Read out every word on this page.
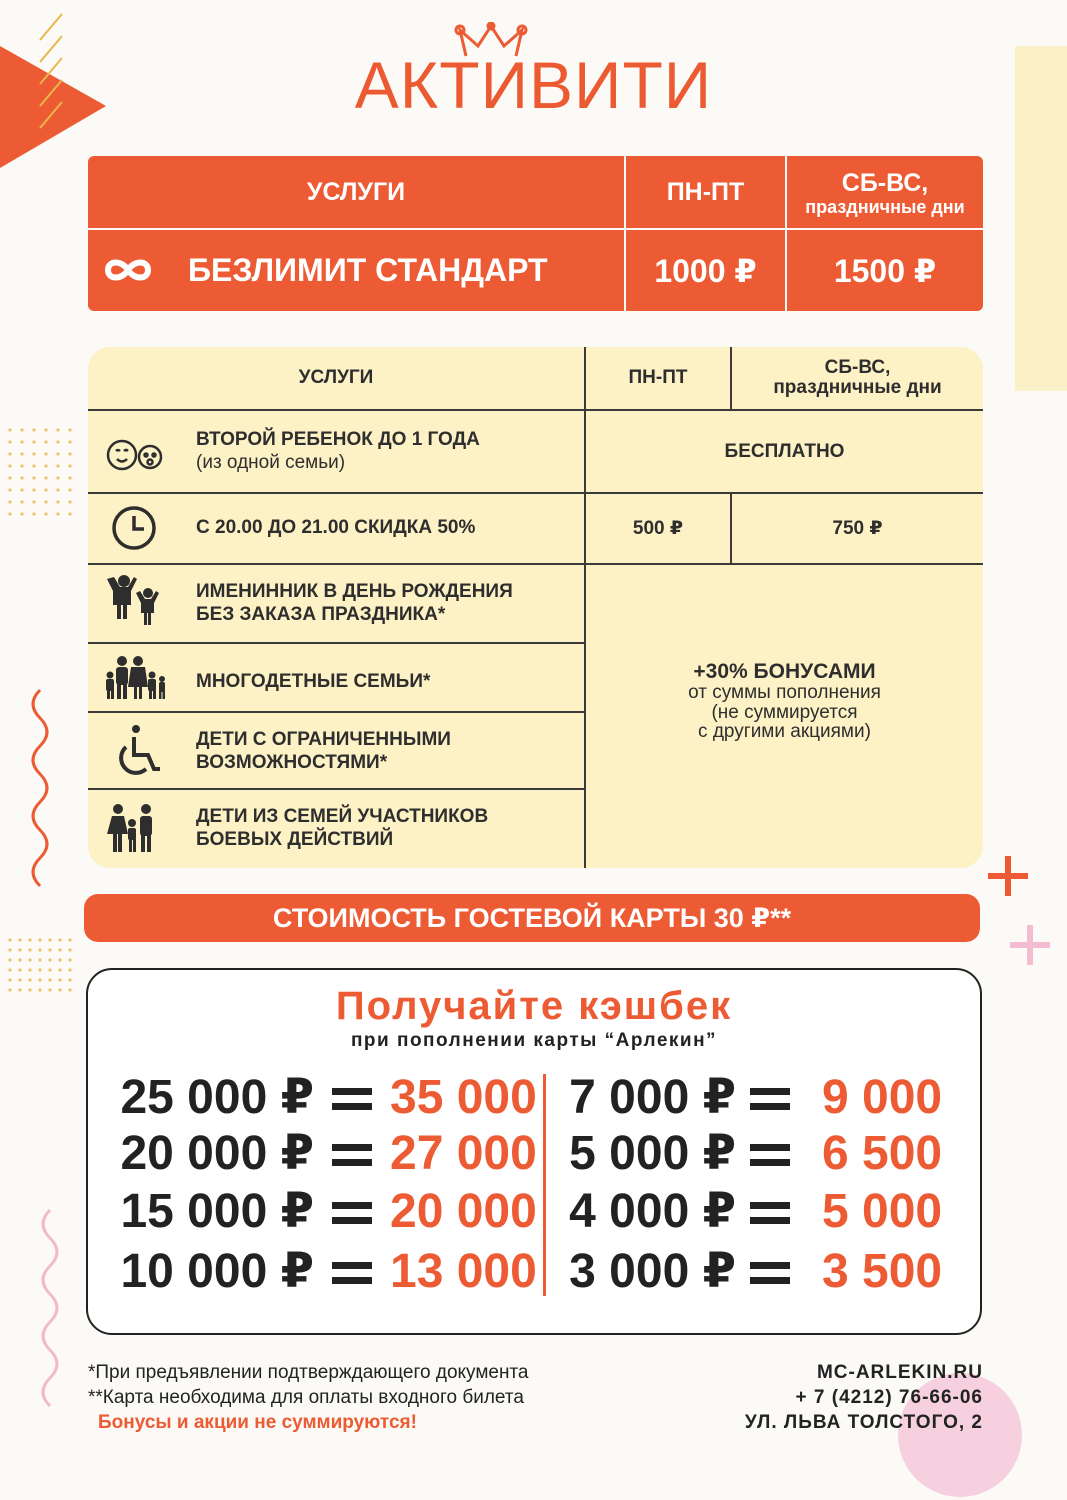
АКТИВИТИ
УСЛУГИ	ПН-ПТ	СБ-ВС,
праздничные дни
БЕЗЛИМИТ СТАНДАРТ	1000 ₽	1500 ₽
УСЛУГИ	ПН-ПТ	СБ-ВС,
праздничные дни
ВТОРОЙ РЕБЕНОК ДО 1 ГОДА
(из одной семьи)
БЕСПЛАТНО
С 20.00 ДО 21.00 СКИДКА 50%	500 ₽	750 ₽
ИМЕНИННИК В ДЕНЬ РОЖДЕНИЯ
БЕЗ ЗАКАЗА ПРАЗДНИКА*
МНОГОДЕТНЫЕ СЕМЬИ*
ДЕТИ С ОГРАНИЧЕННЫМИ
ВОЗМОЖНОСТЯМИ*
ДЕТИ ИЗ СЕМЕЙ УЧАСТНИКОВ
БОЕВЫХ ДЕЙСТВИЙ
+30% БОНУСАМИ
от суммы пополнения
(не суммируется
с другими акциями)
СТОИМОСТЬ ГОСТЕВОЙ КАРТЫ 30 ₽**
Получайте кэшбек
при пополнении карты “Арлекин”
25 000 ₽ 35 000
20 000 ₽ 27 000
15 000 ₽ 20 000
10 000 ₽ 13 000
7 000 ₽ 9 000
5 000 ₽ 6 500
4 000 ₽ 5 000
3 000 ₽ 3 500
*При предъявлении подтверждающего документа
**Карта необходима для оплаты входного билета
Бонусы и акции не суммируются!
MC-ARLEKIN.RU
+ 7 (4212) 76-66-06
УЛ. ЛЬВА ТОЛСТОГО, 2
